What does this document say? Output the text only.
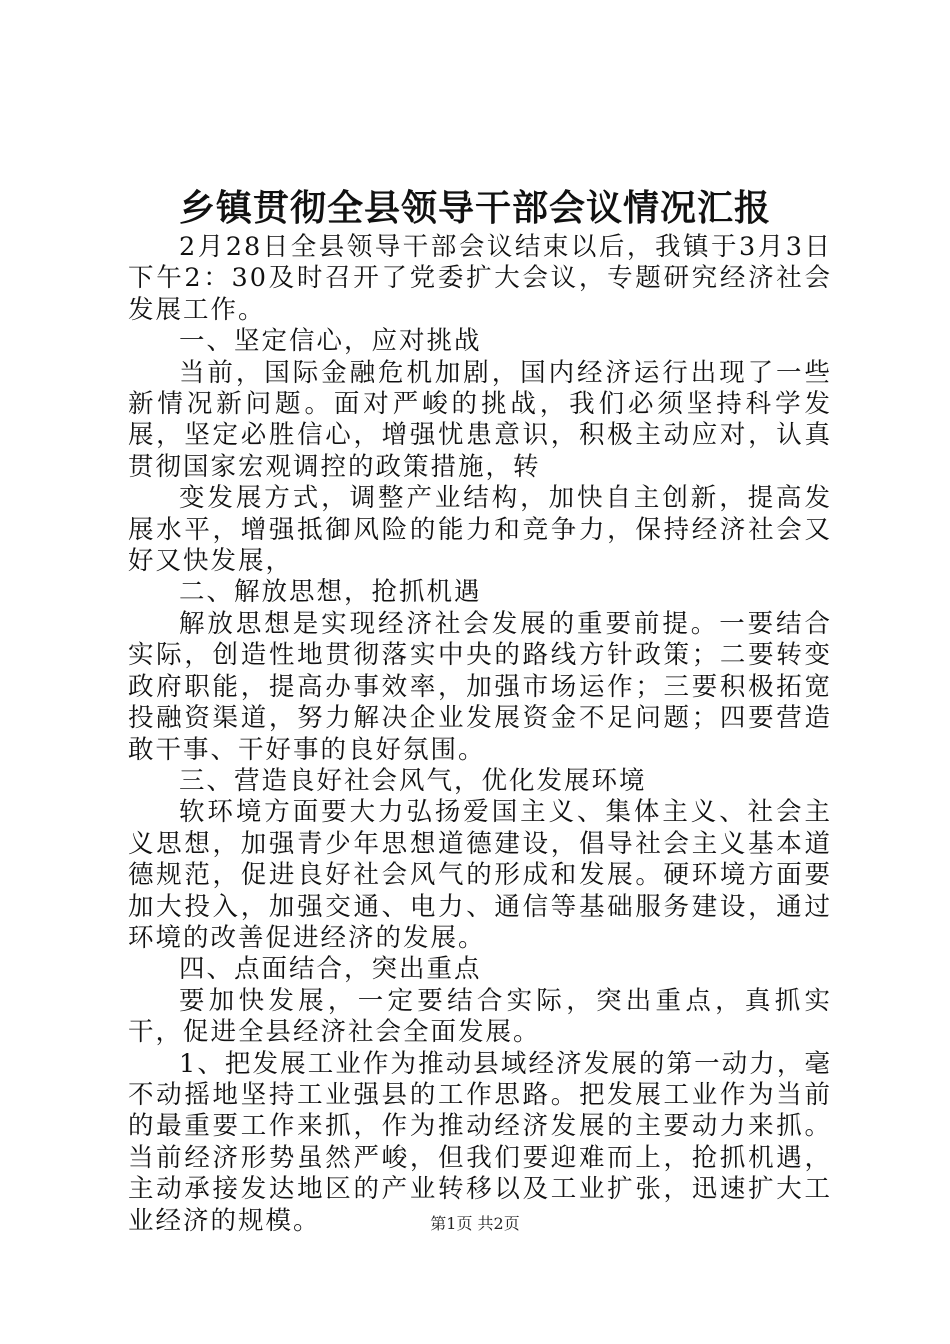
乡镇贯彻全县领导干部会议情况汇报

2月28日全县领导干部会议结束以后，我镇于3月3日下午2：30及时召开了党委扩大会议，专题研究经济社会发展工作。

一、坚定信心，应对挑战

当前，国际金融危机加剧，国内经济运行出现了一些新情况新问题。面对严峻的挑战，我们必须坚持科学发展，坚定必胜信心，增强忧患意识，积极主动应对，认真贯彻国家宏观调控的政策措施，转

变发展方式，调整产业结构，加快自主创新，提高发展水平，增强抵御风险的能力和竞争力，保持经济社会又好又快发展，

二、解放思想，抢抓机遇

解放思想是实现经济社会发展的重要前提。一要结合实际，创造性地贯彻落实中央的路线方针政策；二要转变政府职能，提高办事效率，加强市场运作；三要积极拓宽投融资渠道，努力解决企业发展资金不足问题；四要营造敢干事、干好事的良好氛围。

三、营造良好社会风气，优化发展环境

软环境方面要大力弘扬爱国主义、集体主义、社会主义思想，加强青少年思想道德建设，倡导社会主义基本道德规范，促进良好社会风气的形成和发展。硬环境方面要加大投入，加强交通、电力、通信等基础服务建设，通过环境的改善促进经济的发展。

四、点面结合，突出重点

要加快发展，一定要结合实际，突出重点，真抓实干，促进全县经济社会全面发展。

1、把发展工业作为推动县域经济发展的第一动力，毫不动摇地坚持工业强县的工作思路。把发展工业作为当前的最重要工作来抓，作为推动经济发展的主要动力来抓。当前经济形势虽然严峻，但我们要迎难而上，抢抓机遇，主动承接发达地区的产业转移以及工业扩张，迅速扩大工业经济的规模。	第1页 共2页
